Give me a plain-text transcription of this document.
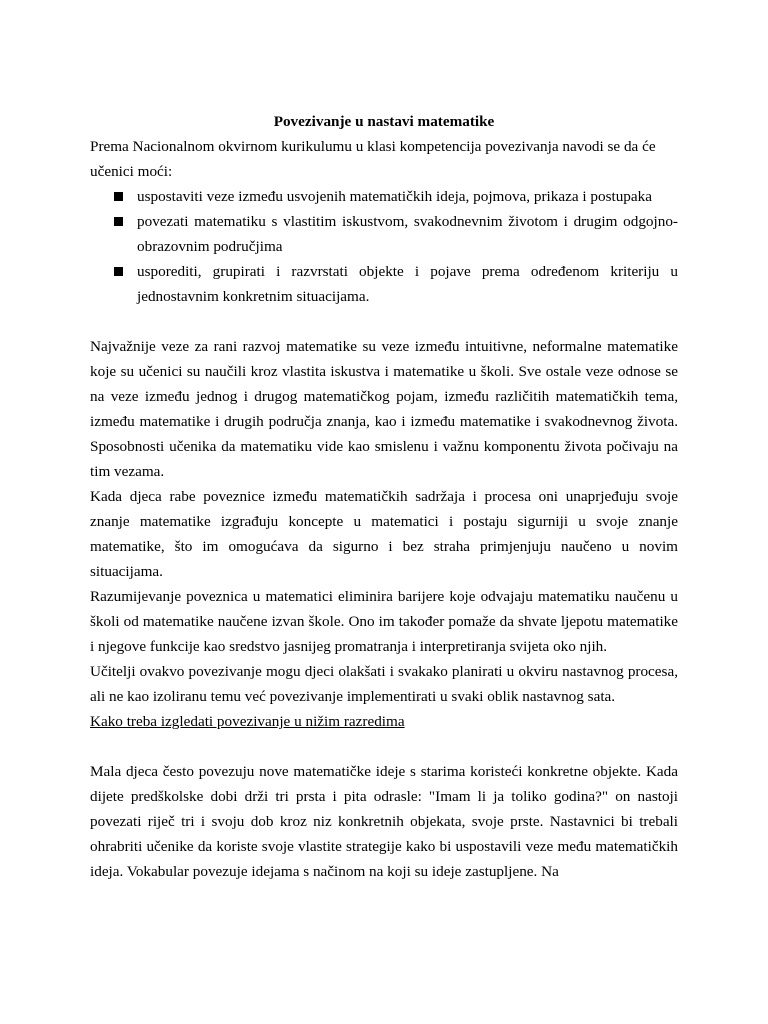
Povezivanje u nastavi matematike

Prema Nacionalnom okvirnom kurikulumu u klasi kompetencija povezivanja navodi se da će učenici moći:

uspostaviti veze između usvojenih matematičkih ideja, pojmova, prikaza i postupaka
povezati matematiku s vlastitim iskustvom, svakodnevnim životom i drugim odgojno-obrazovnim područjima
usporediti, grupirati i razvrstati objekte i pojave prema određenom kriteriju u jednostavnim konkretnim situacijama.

Najvažnije veze za rani razvoj matematike su veze između intuitivne, neformalne matematike koje su učenici su naučili kroz vlastita iskustva i matematike u školi. Sve ostale veze odnose se na veze između jednog i drugog matematičkog pojam, između različitih matematičkih tema, između matematike i drugih područja znanja, kao i između matematike i svakodnevnog života. Sposobnosti učenika da matematiku vide kao smislenu i važnu komponentu života počivaju na tim vezama.

Kada djeca rabe poveznice između matematičkih sadržaja i procesa oni unaprjeđuju svoje znanje matematike izgrađuju koncepte u matematici i postaju sigurniji u svoje znanje matematike, što im omogućava da sigurno i bez straha primjenjuju naučeno u novim situacijama.

Razumijevanje poveznica u matematici eliminira barijere koje odvajaju matematiku naučenu u školi od matematike naučene izvan škole. Ono im također pomaže da shvate ljepotu matematike i njegove funkcije kao sredstvo jasnijeg promatranja i interpretiranja svijeta oko njih.

Učitelji ovakvo povezivanje mogu djeci olakšati i svakako planirati u okviru nastavnog procesa, ali ne kao izoliranu temu već povezivanje implementirati u svaki oblik nastavnog sata.

Kako treba izgledati povezivanje u nižim razredima

Mala djeca često povezuju nove matematičke ideje s starima koristeći konkretne objekte. Kada dijete predškolske dobi drži tri prsta i pita odrasle: "Imam li ja toliko godina?" on nastoji povezati riječ tri i svoju dob kroz niz konkretnih objekata, svoje prste. Nastavnici bi trebali ohrabriti učenike da koriste svoje vlastite strategije kako bi uspostavili veze među matematičkih ideja. Vokabular povezuje idejama s načinom na koji su ideje zastupljene. Na
